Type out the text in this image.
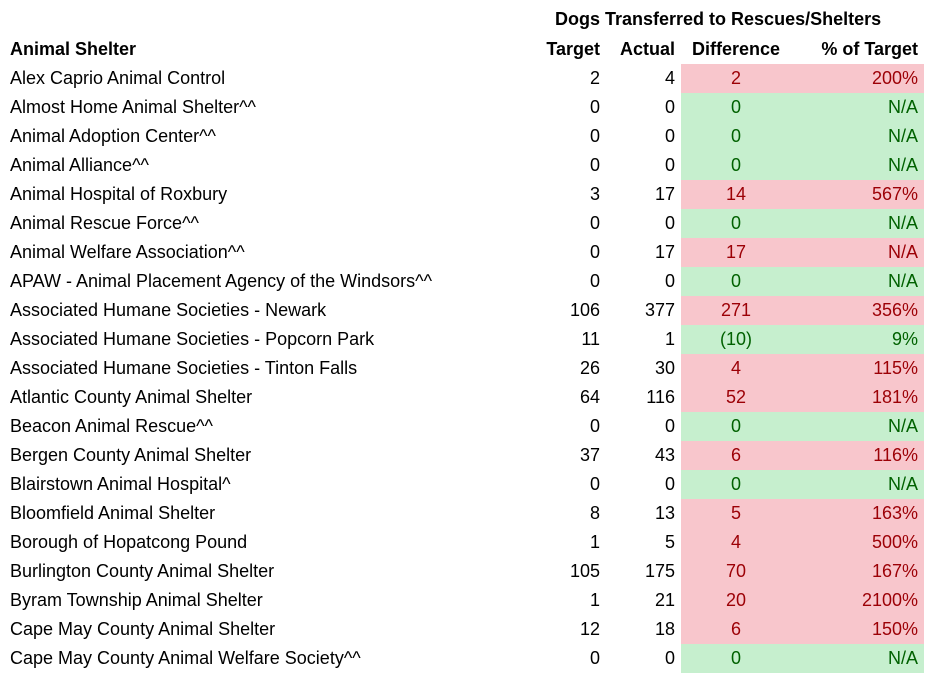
Dogs Transferred to Rescues/Shelters
Animal Shelter	Target	Actual	Difference	% of Target
Alex Caprio Animal Control	2	4	2	200%
Almost Home Animal Shelter^^	0	0	0	N/A
Animal Adoption Center^^	0	0	0	N/A
Animal Alliance^^	0	0	0	N/A
Animal Hospital of Roxbury	3	17	14	567%
Animal Rescue Force^^	0	0	0	N/A
Animal Welfare Association^^	0	17	17	N/A
APAW - Animal Placement Agency of the Windsors^^	0	0	0	N/A
Associated Humane Societies - Newark	106	377	271	356%
Associated Humane Societies - Popcorn Park	11	1	(10)	9%
Associated Humane Societies - Tinton Falls	26	30	4	115%
Atlantic County Animal Shelter	64	116	52	181%
Beacon Animal Rescue^^	0	0	0	N/A
Bergen County Animal Shelter	37	43	6	116%
Blairstown Animal Hospital^	0	0	0	N/A
Bloomfield Animal Shelter	8	13	5	163%
Borough of Hopatcong Pound	1	5	4	500%
Burlington County Animal Shelter	105	175	70	167%
Byram Township Animal Shelter	1	21	20	2100%
Cape May County Animal Shelter	12	18	6	150%
Cape May County Animal Welfare Society^^	0	0	0	N/A
